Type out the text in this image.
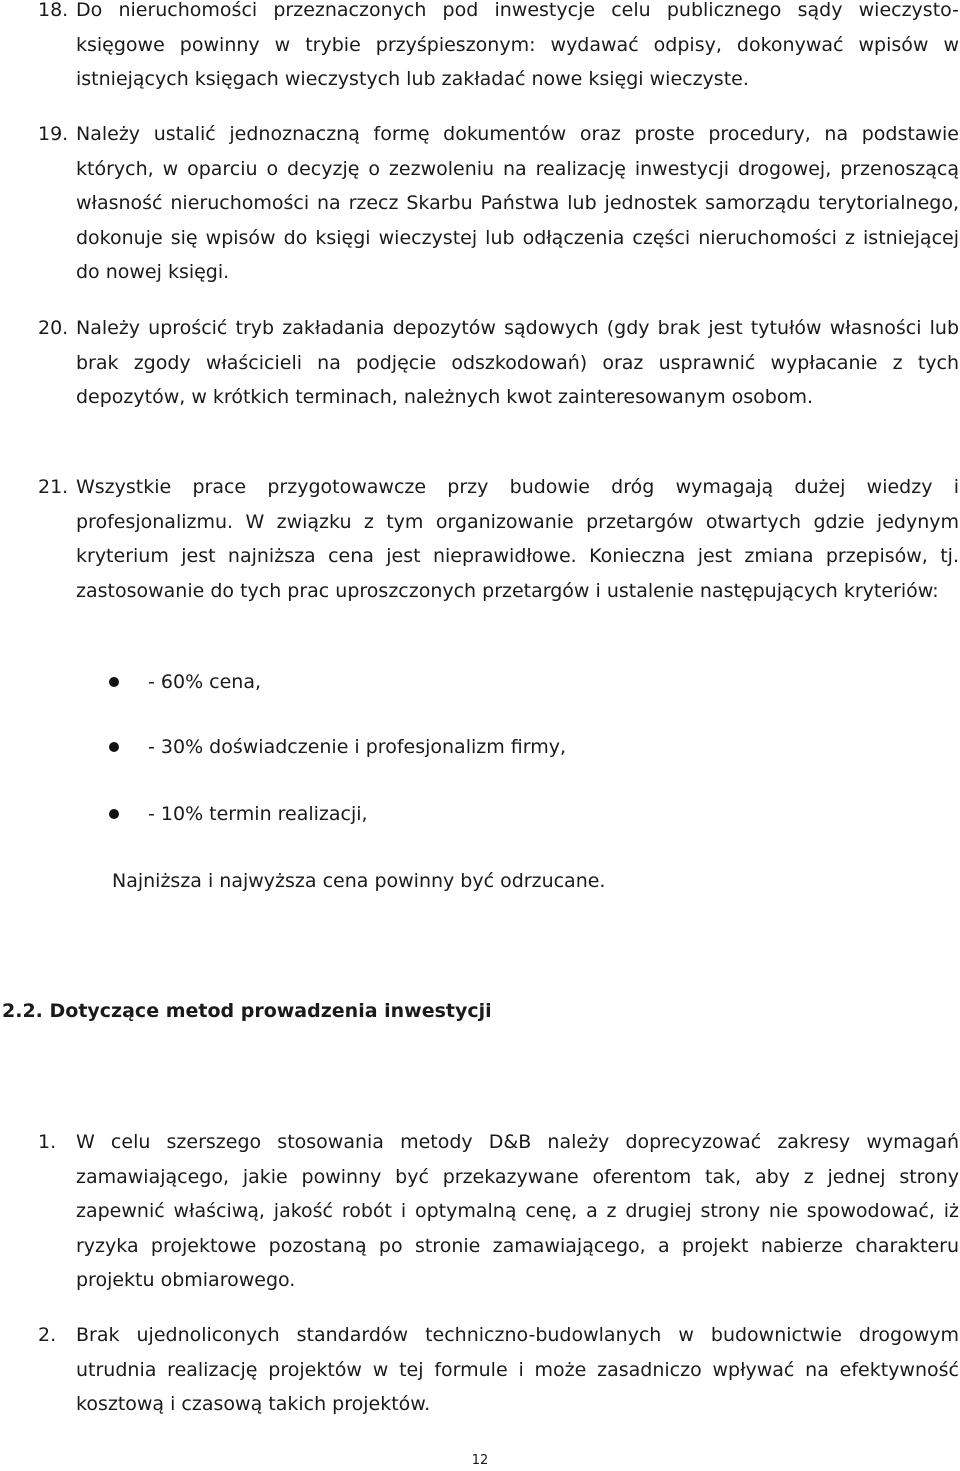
18. Do nieruchomości przeznaczonych pod inwestycje celu publicznego sądy wieczysto-księgowe powinny w trybie przyśpieszonym: wydawać odpisy, dokonywać wpisów w istniejących księgach wieczystych lub zakładać nowe księgi wieczyste.
19. Należy ustalić jednoznaczną formę dokumentów oraz proste procedury, na podstawie których, w oparciu o decyzję o zezwoleniu na realizację inwestycji drogowej, przenoszącą własność nieruchomości na rzecz Skarbu Państwa lub jednostek samorządu terytorialnego, dokonuje się wpisów do księgi wieczystej lub odłączenia części nieruchomości z istniejącej do nowej księgi.
20. Należy uprościć tryb zakładania depozytów sądowych (gdy brak jest tytułów własności lub brak zgody właścicieli na podjęcie odszkodowań) oraz usprawnić wypłacanie z tych depozytów, w krótkich terminach, należnych kwot zainteresowanym osobom.
21. Wszystkie prace przygotowawcze przy budowie dróg wymagają dużej wiedzy i profesjonalizmu. W związku z tym organizowanie przetargów otwartych gdzie jedynym kryterium jest najniższa cena jest nieprawidłowe. Konieczna jest zmiana przepisów, tj. zastosowanie do tych prac uproszczonych przetargów i ustalenie następujących kryteriów:
- 60% cena,
- 30% doświadczenie i profesjonalizm firmy,
- 10% termin realizacji,
Najniższa i najwyższa cena powinny być odrzucane.
2.2. Dotyczące metod prowadzenia inwestycji
1.	W celu szerszego stosowania metody D&B należy doprecyzować zakresy wymagań zamawiającego, jakie powinny być przekazywane oferentom tak, aby z jednej strony zapewnić właściwą, jakość robót i optymalną cenę, a z drugiej strony nie spowodować, iż ryzyka projektowe pozostaną po stronie zamawiającego, a projekt nabierze charakteru projektu obmiarowego.
2.	Brak ujednoliconych standardów techniczno-budowlanych w budownictwie drogowym utrudnia realizację projektów w tej formule i może zasadniczo wpływać na efektywność kosztową i czasową takich projektów.
12
